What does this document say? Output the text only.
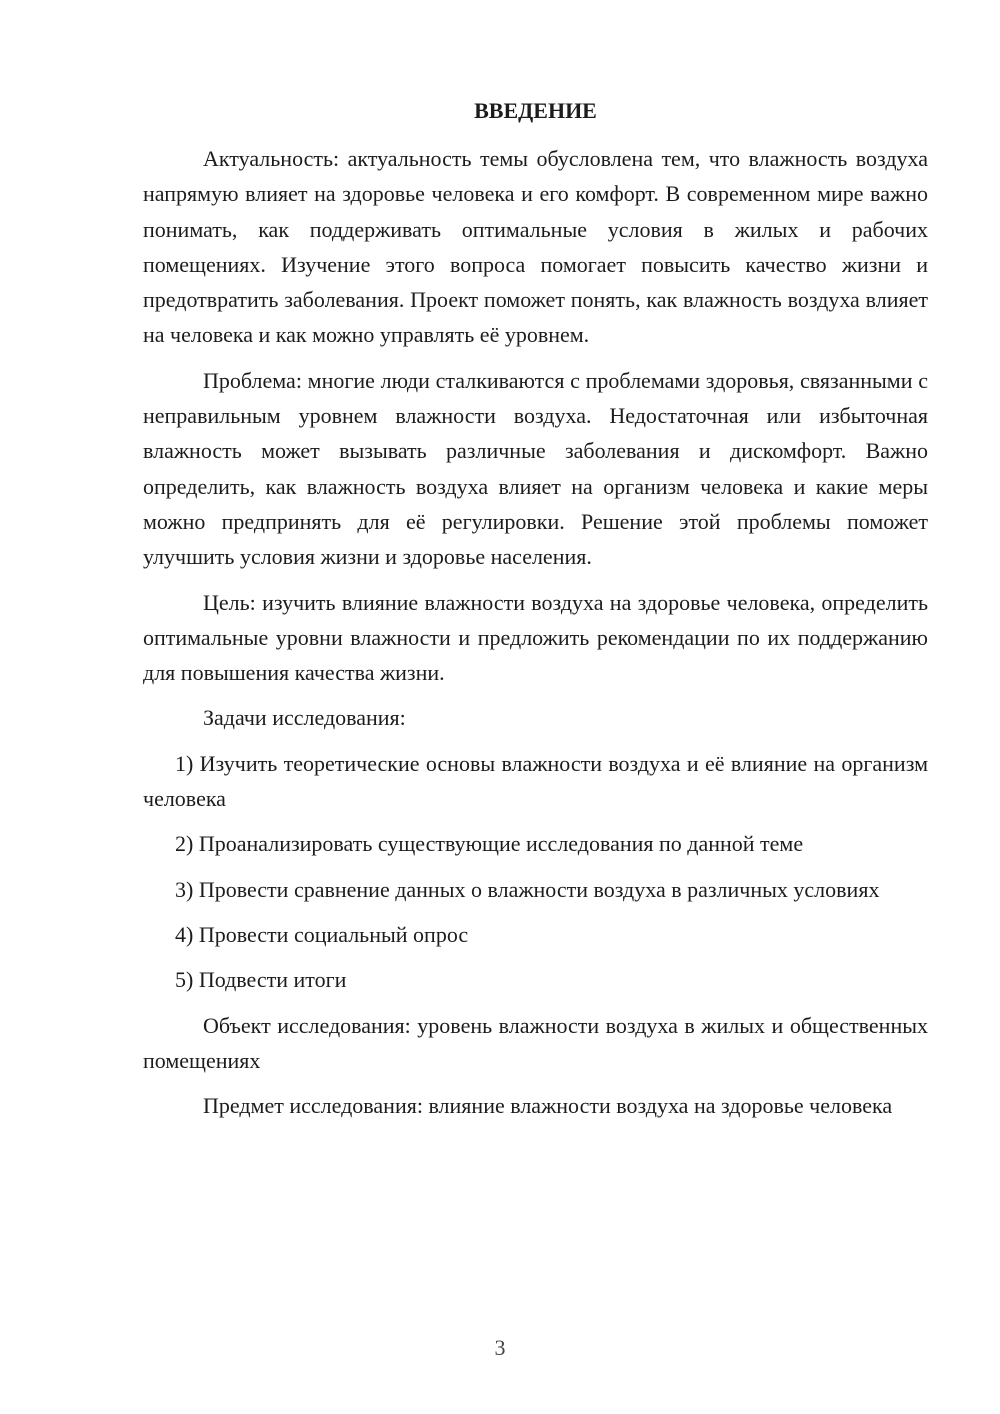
ВВЕДЕНИЕ

Актуальность: актуальность темы обусловлена тем, что влажность воздуха напрямую влияет на здоровье человека и его комфорт. В современном мире важно понимать, как поддерживать оптимальные условия в жилых и рабочих помещениях. Изучение этого вопроса помогает повысить качество жизни и предотвратить заболевания. Проект поможет понять, как влажность воздуха влияет на человека и как можно управлять её уровнем.

Проблема: многие люди сталкиваются с проблемами здоровья, связанными с неправильным уровнем влажности воздуха. Недостаточная или избыточная влажность может вызывать различные заболевания и дискомфорт. Важно определить, как влажность воздуха влияет на организм человека и какие меры можно предпринять для её регулировки. Решение этой проблемы поможет улучшить условия жизни и здоровье населения.

Цель: изучить влияние влажности воздуха на здоровье человека, определить оптимальные уровни влажности и предложить рекомендации по их поддержанию для повышения качества жизни.

Задачи исследования:

1) Изучить теоретические основы влажности воздуха и её влияние на организм человека

2) Проанализировать существующие исследования по данной теме

3) Провести сравнение данных о влажности воздуха в различных условиях

4) Провести социальный опрос

5) Подвести итоги

Объект исследования: уровень влажности воздуха в жилых и общественных помещениях

Предмет исследования: влияние влажности воздуха на здоровье человека

3
